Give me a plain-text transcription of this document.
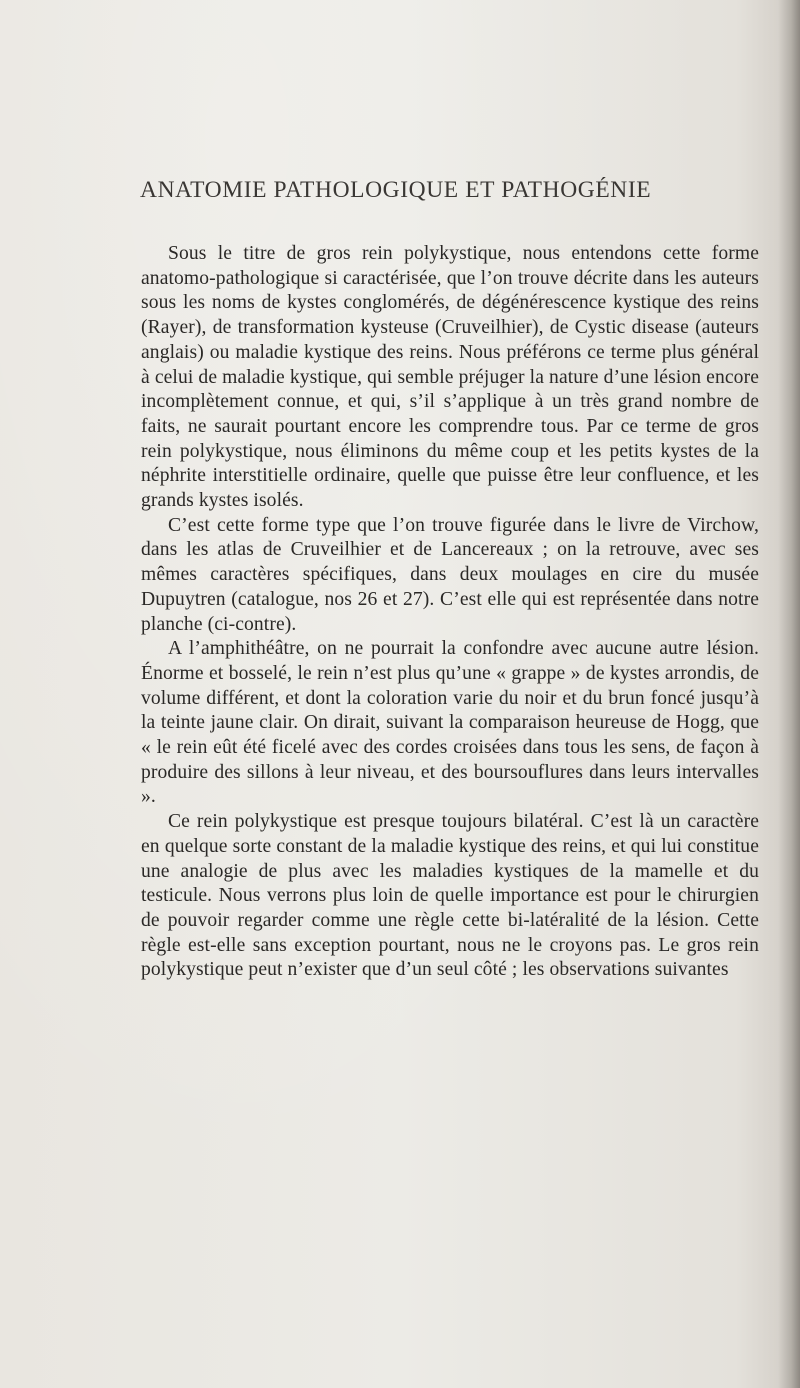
ANATOMIE PATHOLOGIQUE ET PATHOGÉNIE

Sous le titre de gros rein polykystique, nous entendons cette forme anatomo-pathologique si caractérisée, que l’on trouve décrite dans les auteurs sous les noms de kystes conglomérés, de dégénérescence kystique des reins (Rayer), de transformation kysteuse (Cruveilhier), de Cystic disease (auteurs anglais) ou maladie kystique des reins. Nous préférons ce terme plus général à celui de maladie kystique, qui semble préjuger la nature d’une lésion encore incomplètement connue, et qui, s’il s’applique à un très grand nombre de faits, ne saurait pourtant encore les comprendre tous. Par ce terme de gros rein polykystique, nous éliminons du même coup et les petits kystes de la néphrite interstitielle ordinaire, quelle que puisse être leur confluence, et les grands kystes isolés.

C’est cette forme type que l’on trouve figurée dans le livre de Virchow, dans les atlas de Cruveilhier et de Lancereaux ; on la retrouve, avec ses mêmes caractères spécifiques, dans deux moulages en cire du musée Dupuytren (catalogue, nos 26 et 27). C’est elle qui est représentée dans notre planche (ci-contre).

A l’amphithéâtre, on ne pourrait la confondre avec aucune autre lésion. Énorme et bosselé, le rein n’est plus qu’une « grappe » de kystes arrondis, de volume différent, et dont la coloration varie du noir et du brun foncé jusqu’à la teinte jaune clair. On dirait, suivant la comparaison heureuse de Hogg, que « le rein eût été ficelé avec des cordes croisées dans tous les sens, de façon à produire des sillons à leur niveau, et des boursouflures dans leurs intervalles ».

Ce rein polykystique est presque toujours bilatéral. C’est là un caractère en quelque sorte constant de la maladie kystique des reins, et qui lui constitue une analogie de plus avec les maladies kystiques de la mamelle et du testicule. Nous verrons plus loin de quelle importance est pour le chirurgien de pouvoir regarder comme une règle cette bi-latéralité de la lésion. Cette règle est-elle sans exception pourtant, nous ne le croyons pas. Le gros rein polykystique peut n’exister que d’un seul côté ; les observations suivantes
